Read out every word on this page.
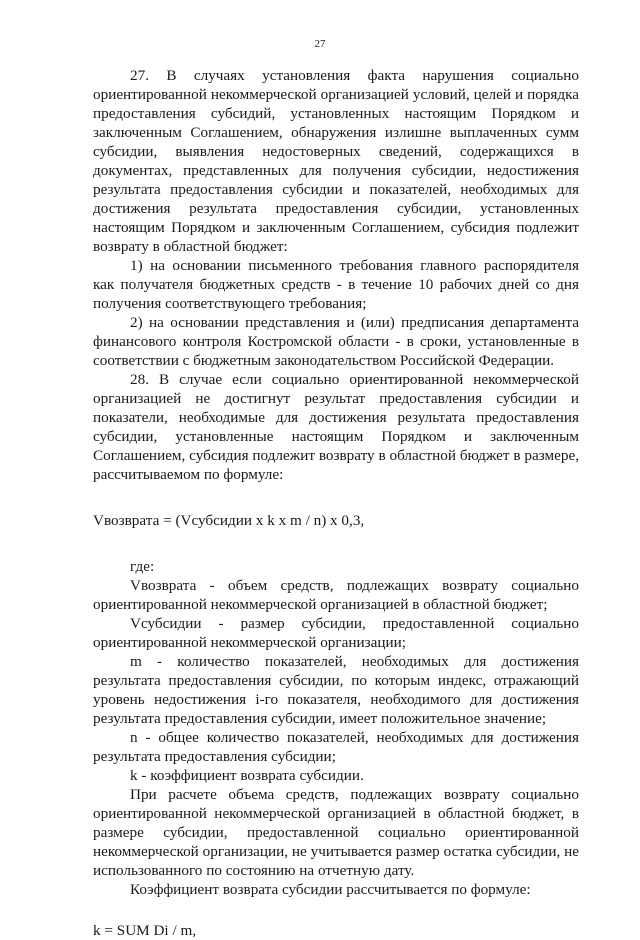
27

27. В случаях установления факта нарушения социально ориентированной некоммерческой организацией условий, целей и порядка предоставления субсидий, установленных настоящим Порядком и заключенным Соглашением, обнаружения излишне выплаченных сумм субсидии, выявления недостоверных сведений, содержащихся в документах, представленных для получения субсидии, недостижения результата предоставления субсидии и показателей, необходимых для достижения результата предоставления субсидии, установленных настоящим Порядком и заключенным Соглашением, субсидия подлежит возврату в областной бюджет:

1) на основании письменного требования главного распорядителя как получателя бюджетных средств - в течение 10 рабочих дней со дня получения соответствующего требования;

2) на основании представления и (или) предписания департамента финансового контроля Костромской области - в сроки, установленные в соответствии с бюджетным законодательством Российской Федерации.

28. В случае если социально ориентированной некоммерческой организацией не достигнут результат предоставления субсидии и показатели, необходимые для достижения результата предоставления субсидии, установленные настоящим Порядком и заключенным Соглашением, субсидия подлежит возврату в областной бюджет в размере, рассчитываемом по формуле:

Vвозврата = (Vсубсидии x k x m / n) x 0,3,

где:

Vвозврата - объем средств, подлежащих возврату социально ориентированной некоммерческой организацией в областной бюджет;

Vсубсидии - размер субсидии, предоставленной социально ориентированной некоммерческой организации;

m - количество показателей, необходимых для достижения результата предоставления субсидии, по которым индекс, отражающий уровень недостижения i-го показателя, необходимого для достижения результата предоставления субсидии, имеет положительное значение;

n - общее количество показателей, необходимых для достижения результата предоставления субсидии;

k - коэффициент возврата субсидии.

При расчете объема средств, подлежащих возврату социально ориентированной некоммерческой организацией в областной бюджет, в размере субсидии, предоставленной социально ориентированной некоммерческой организации, не учитывается размер остатка субсидии, не использованного по состоянию на отчетную дату.

Коэффициент возврата субсидии рассчитывается по формуле:

k = SUM Di / m,
